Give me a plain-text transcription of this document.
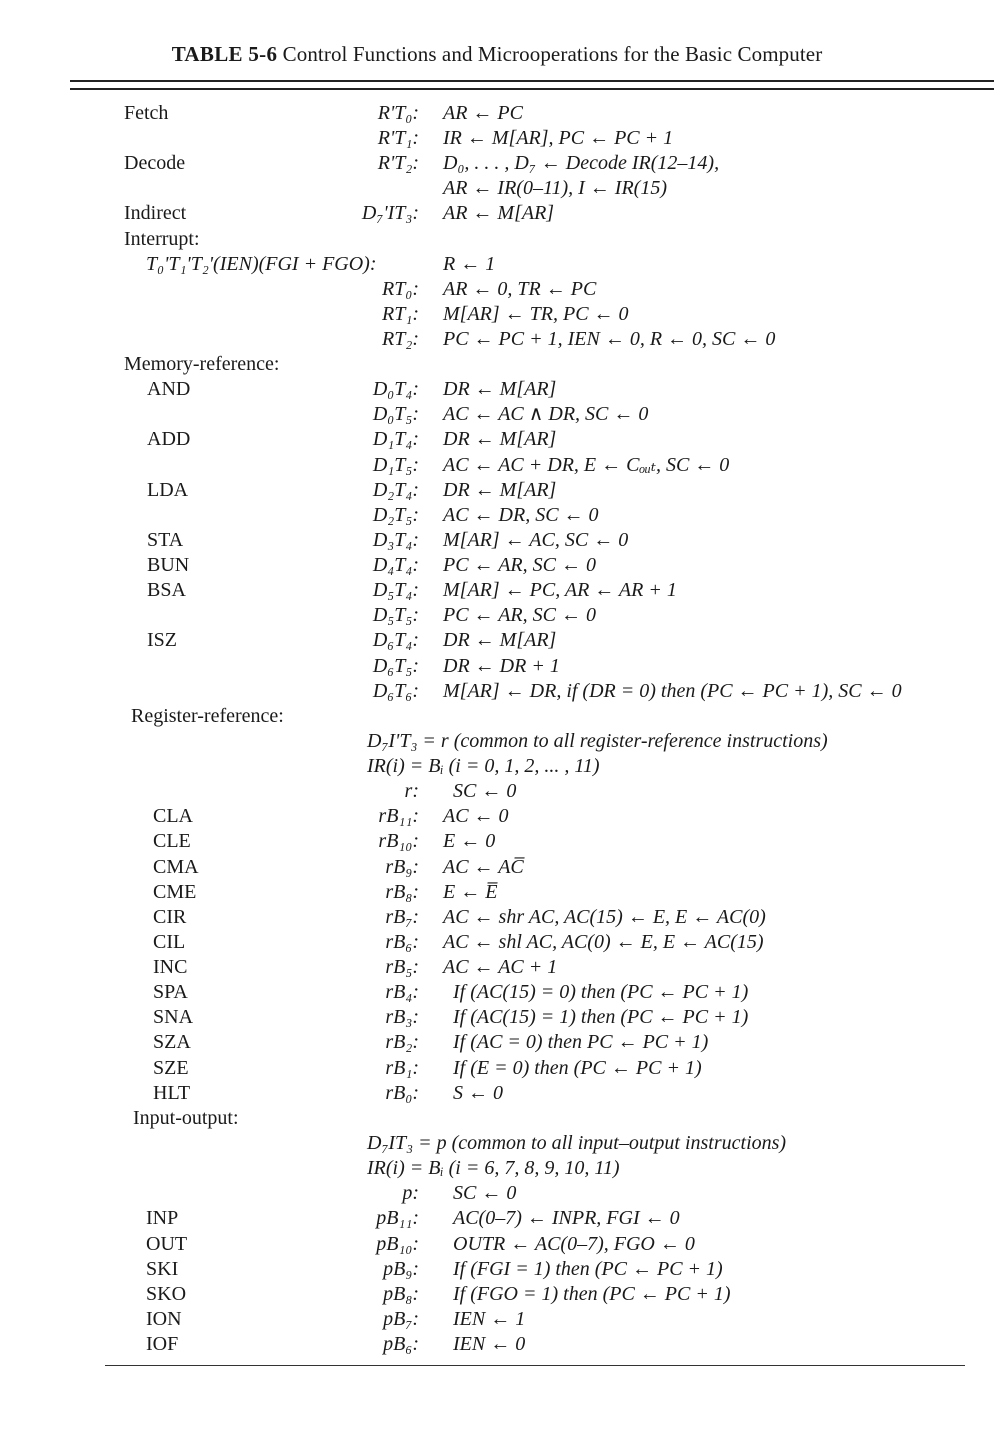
TABLE 5-6 Control Functions and Microoperations for the Basic Computer
Fetch	R'T₀: AR ← PC
R'T₁: IR ← M[AR], PC ← PC + 1
Decode	R'T₂: D₀, . . . , D₇ ← Decode IR(12–14),
AR ← IR(0–11), I ← IR(15)
Indirect	D₇'IT₃: AR ← M[AR]
Interrupt:
T₀'T₁'T₂'(IEN)(FGI + FGO):	R ← 1
RT₀: AR ← 0, TR ← PC
RT₁: M[AR] ← TR, PC ← 0
RT₂: PC ← PC + 1, IEN ← 0, R ← 0, SC ← 0
Memory-reference:
AND	D₀T₄: DR ← M[AR]
D₀T₅: AC ← AC ∧ DR, SC ← 0
ADD	D₁T₄: DR ← M[AR]
D₁T₅: AC ← AC + DR, E ← Cₒᵤₜ, SC ← 0
LDA	D₂T₄: DR ← M[AR]
D₂T₅: AC ← DR, SC ← 0
STA	D₃T₄: M[AR] ← AC, SC ← 0
BUN	D₄T₄: PC ← AR, SC ← 0
BSA	D₅T₄: M[AR] ← PC, AR ← AR + 1
D₅T₅: PC ← AR, SC ← 0
ISZ	D₆T₄: DR ← M[AR]
D₆T₅: DR ← DR + 1
D₆T₆: M[AR] ← DR, if (DR = 0) then (PC ← PC + 1), SC ← 0
Register-reference:
D₇I'T₃ = r (common to all register-reference instructions)
IR(i) = Bᵢ (i = 0, 1, 2, ... , 11)
r: SC ← 0
CLA	rB₁₁: AC ← 0
CLE	rB₁₀: E ← 0
CMA	rB₉: AC ← AC̅
CME	rB₈: E ← E̅
CIR	rB₇: AC ← shr AC, AC(15) ← E, E ← AC(0)
CIL	rB₆: AC ← shl AC, AC(0) ← E, E ← AC(15)
INC	rB₅: AC ← AC + 1
SPA	rB₄: If (AC(15) = 0) then (PC ← PC + 1)
SNA	rB₃: If (AC(15) = 1) then (PC ← PC + 1)
SZA	rB₂: If (AC = 0) then PC ← PC + 1)
SZE	rB₁: If (E = 0) then (PC ← PC + 1)
HLT	rB₀: S ← 0
Input-output:
D₇IT₃ = p (common to all input–output instructions)
IR(i) = Bᵢ (i = 6, 7, 8, 9, 10, 11)
p: SC ← 0
INP	pB₁₁: AC(0–7) ← INPR, FGI ← 0
OUT	pB₁₀: OUTR ← AC(0–7), FGO ← 0
SKI	pB₉: If (FGI = 1) then (PC ← PC + 1)
SKO	pB₈: If (FGO = 1) then (PC ← PC + 1)
ION	pB₇: IEN ← 1
IOF	pB₆: IEN ← 0
